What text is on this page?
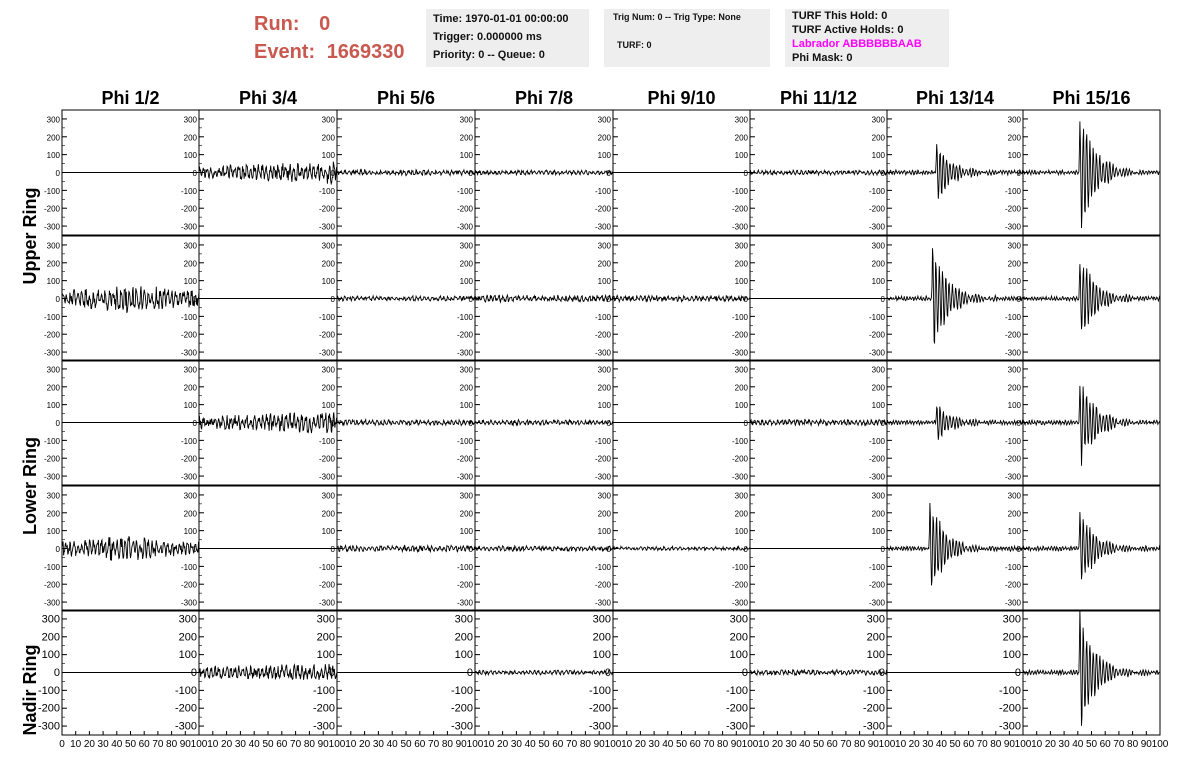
Run: 0
Event: 1669330
Time: 1970-01-01 00:00:00
Trigger: 0.000000 ms
Priority: 0 -- Queue: 0
Trig Num: 0 -- Trig Type: None
TURF: 0
TURF This Hold: 0
TURF Active Holds: 0
Labrador ABBBBBBAAB
Phi Mask: 0
Phi 1/2	Phi 3/4	Phi 5/6	Phi 7/8	Phi 9/10	Phi 11/12	Phi 13/14	Phi 15/16
Upper Ring
Lower Ring
Nadir Ring
-300
-200
-100
0
100
200
300
-300
-200
-100
0
100
200
300
-300
-200
-100
0
100
200
300
-300
-200
-100
0
100
200
300
-300
-200
-100
0
100
200
300
-300
-200
-100
0
100
200
300
-300
-200
-100
0
100
200
300
-300
-200
-100
0
100
200
300
-300
-200
-100
0
100
200
300
-300
-200
-100
0
100
200
300
-300
-200
-100
0
100
200
300
-300
-200
-100
0
100
200
300
-300
-200
-100
0
100
200
300
-300
-200
-100
0
100
200
300
-300
-200
-100
0
100
200
300
-300
-200
-100
0
100
200
300
-300
-200
-100
0
100
200
300
-300
-200
-100
0
100
200
300
-300
-200
-100
0
100
200
300
-300
-200
-100
0
100
200
300
-300
-200
-100
0
100
200
300
-300
-200
-100
0
100
200
300
-300
-200
-100
0
100
200
300
-300
-200
-100
0
100
200
300
-300
-200
-100
0
100
200
300
-300
-200
-100
0
100
200
300
-300
-200
-100
0
100
200
300
-300
-200
-100
0
100
200
300
-300
-200
-100
0
100
200
300
-300
-200
-100
0
100
200
300
-300
-200
-100
0
100
200
300
-300
-200
-100
0
100
200
300
-300
-200
-100
0
100
200
300
0 10 20 30 40 50 60 70 80 90 100
-300
-200
-100
0
100
200
300
10 20 30 40 50 60 70 80 90 100
-300
-200
-100
0
100
200
300
10 20 30 40 50 60 70 80 90 100
-300
-200
-100
0
100
200
300
10 20 30 40 50 60 70 80 90 100
-300
-200
-100
0
100
200
300
10 20 30 40 50 60 70 80 90 100
-300
-200
-100
0
100
200
300
10 20 30 40 50 60 70 80 90 100
-300
-200
-100
0
100
200
300
10 20 30 40 50 60 70 80 90 100
-300
-200
-100
0
100
200
300
10 20 30 40 50 60 70 80 90 100
